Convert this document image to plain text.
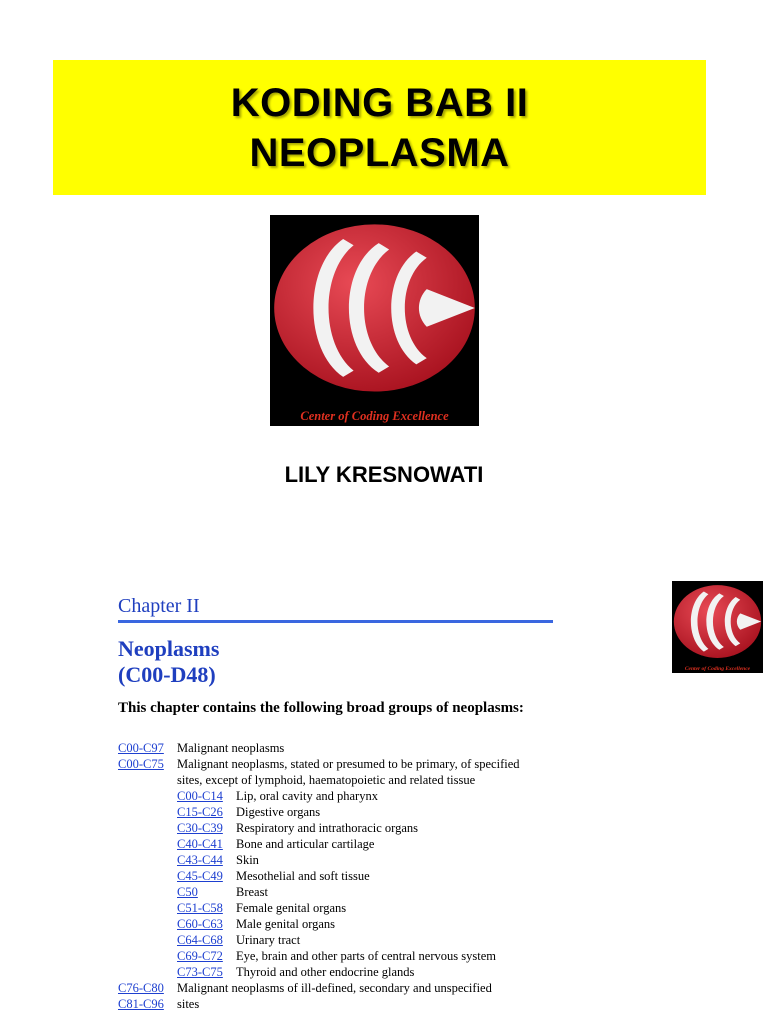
KODING BAB II
NEOPLASMA
Center of Coding Excellence
LILY KRESNOWATI
Chapter II
Neoplasms
(C00-D48)
This chapter contains the following broad groups of neoplasms:
C00-C97	Malignant neoplasms
C00-C75	Malignant neoplasms, stated or presumed to be primary, of specified sites, except of lymphoid, haematopoietic and related tissue
C00-C14	Lip, oral cavity and pharynx
C15-C26	Digestive organs
C30-C39	Respiratory and intrathoracic organs
C40-C41	Bone and articular cartilage
C43-C44	Skin
C45-C49	Mesothelial and soft tissue
C50	Breast
C51-C58	Female genital organs
C60-C63	Male genital organs
C64-C68	Urinary tract
C69-C72	Eye, brain and other parts of central nervous system
C73-C75	Thyroid and other endocrine glands
C76-C80	Malignant neoplasms of ill-defined, secondary and unspecified
C81-C96	sites
Center of Coding Excellence
